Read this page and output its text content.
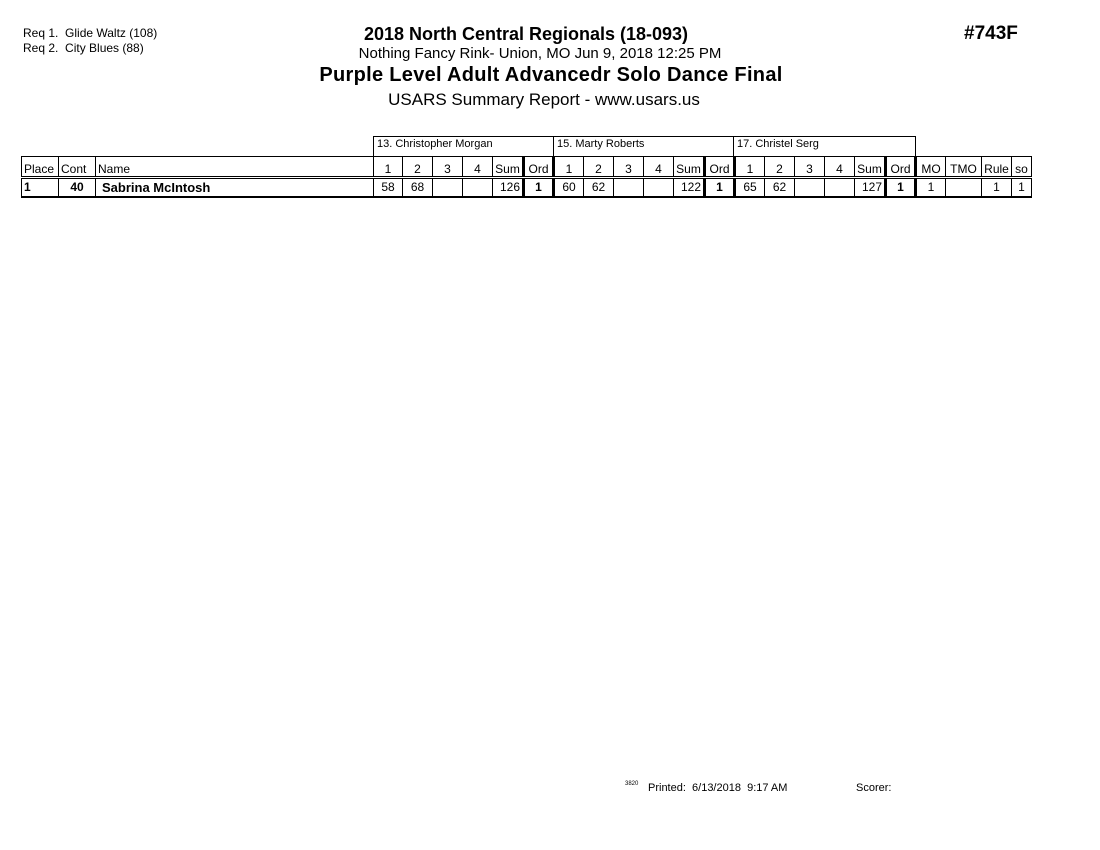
Req 1.  Glide Waltz (108)
Req 2.  City Blues (88)
2018 North Central Regionals (18-093)
Nothing Fancy Rink- Union, MO Jun 9, 2018 12:25 PM
Purple Level Adult Advancedr Solo Dance Final
USARS Summary Report - www.usars.us
#743F
13. Christopher Morgan	15. Marty Roberts	17. Christel Serg
Place	Cont	Name	1	2	3	4	Sum	Ord	1	2	3	4	Sum	Ord	1	2	3	4	Sum	Ord	MO	TMO	Rule	so
1	40	Sabrina McIntosh	58	68			126	1	60	62			122	1	65	62			127	1	1		1	1
3820 Printed:  6/13/2018  9:17 AM	Scorer:
